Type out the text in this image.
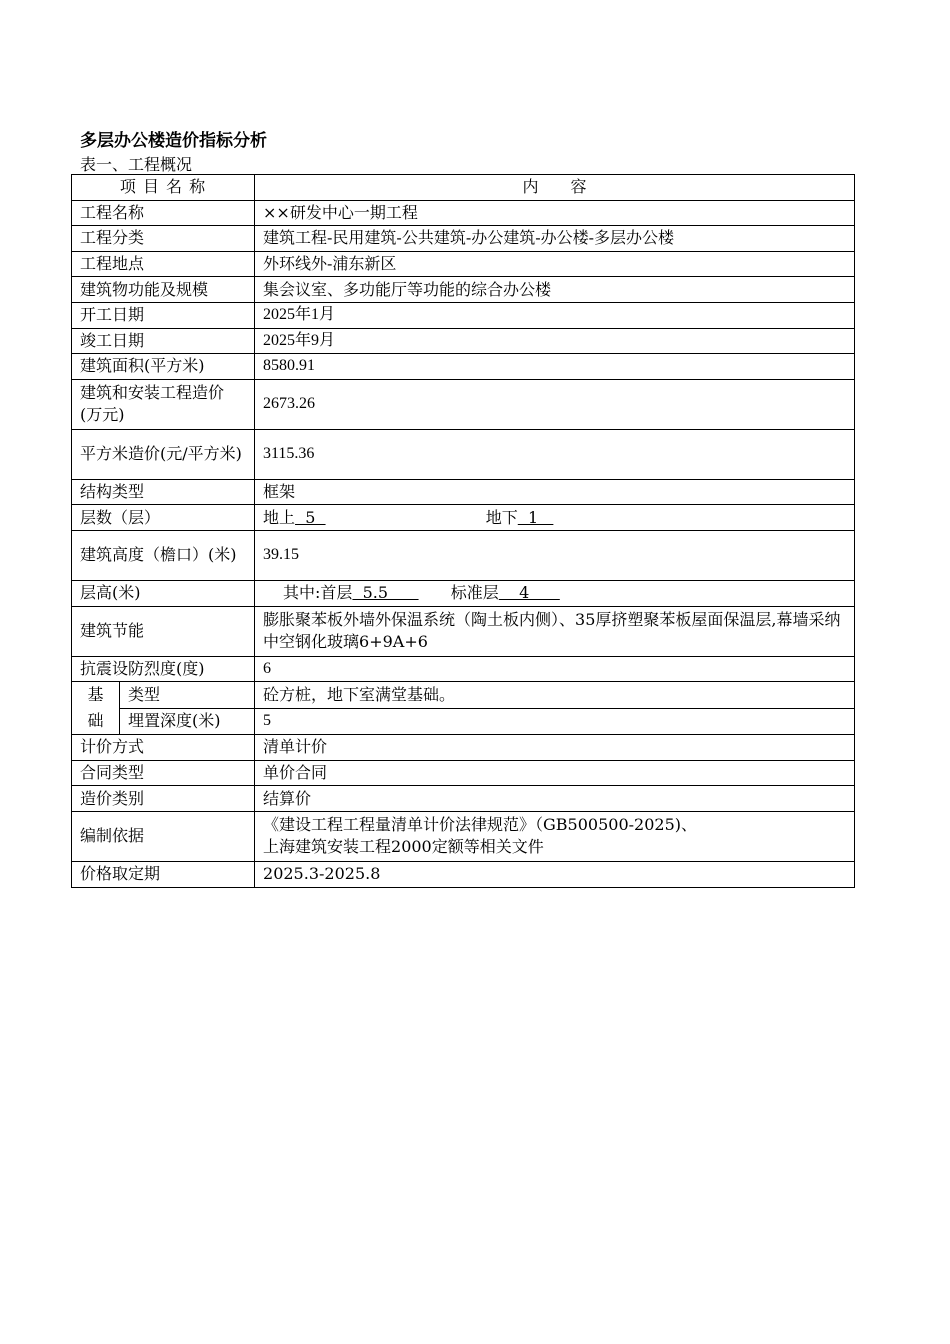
多层办公楼造价指标分析
表一、工程概况
项 目 名 称		内　　容
工程名称		××研发中心一期工程
工程分类		建筑工程-民用建筑-公共建筑-办公建筑-办公楼-多层办公楼
工程地点		外环线外-浦东新区
建筑物功能及规模		集会议室、多功能厅等功能的综合办公楼
开工日期		2025年1月
竣工日期		2025年9月
建筑面积(平方米)		8580.91
建筑和安装工程造价(万元)		2673.26
平方米造价(元/平方米)		3115.36
结构类型		框架
层数（层）		地上  5 地下  1
建筑高度（檐口）(米)		39.15
层高(米)		其中:首层  5.5        标准层    4
建筑节能		膨胀聚苯板外墙外保温系统（陶土板内侧）、35厚挤塑聚苯板屋面保温层,幕墙采纳中空钢化玻璃6+9A+6
抗震设防烈度(度)		6
基础	类型	砼方桩，地下室满堂基础。
	埋置深度(米)	5
计价方式		清单计价
合同类型		单价合同
造价类别		结算价
编制依据		《建设工程工程量清单计价法律规范》（GB500500-2025)、
上海建筑安装工程2000定额等相关文件

价格取定期		2025.3-2025.8
